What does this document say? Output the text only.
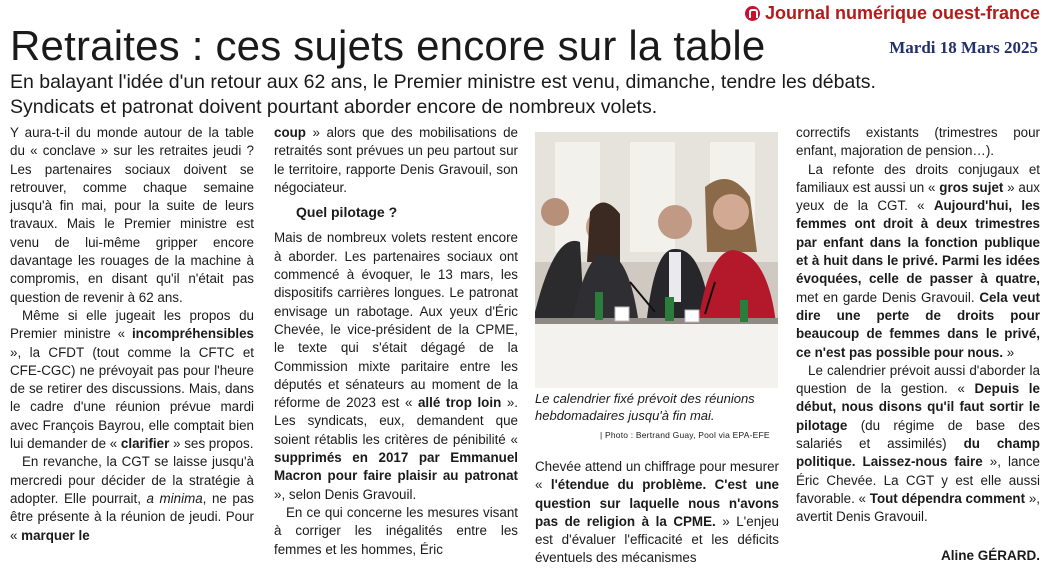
Journal numérique ouest-france
Mardi 18 Mars 2025
Retraites : ces sujets encore sur la table

En balayant l'idée d'un retour aux 62 ans, le Premier ministre est venu, dimanche, tendre les débats.

Syndicats et patronat doivent pourtant aborder encore de nombreux volets.

Y aura-t-il du monde autour de la table du « conclave » sur les retraites jeudi ? Les partenaires sociaux doivent se retrouver, comme chaque semaine jusqu'à fin mai, pour la suite de leurs travaux. Mais le Premier ministre est venu de lui-même gripper encore davantage les rouages de la machine à compromis, en disant qu'il n'était pas question de revenir à 62 ans.

Même si elle jugeait les propos du Premier ministre « incompréhensibles », la CFDT (tout comme la CFTC et CFE-CGC) ne prévoyait pas pour l'heure de se retirer des discussions. Mais, dans le cadre d'une réunion prévue mardi avec François Bayrou, elle comptait bien lui demander de « clarifier » ses propos.

En revanche, la CGT se laisse jusqu'à mercredi pour décider de la stratégie à adopter. Elle pourrait, a minima, ne pas être présente à la réunion de jeudi. Pour « marquer le

coup » alors que des mobilisations de retraités sont prévues un peu partout sur le territoire, rapporte Denis Gravouil, son négociateur.

Quel pilotage ?

Mais de nombreux volets restent encore à aborder. Les partenaires sociaux ont commencé à évoquer, le 13 mars, les dispositifs carrières longues. Le patronat envisage un rabotage. Aux yeux d'Éric Chevée, le vice-président de la CPME, le texte qui s'était dégagé de la Commission mixte paritaire entre les députés et sénateurs au moment de la réforme de 2023 est « allé trop loin ». Les syndicats, eux, demandent que soient rétablis les critères de pénibilité « supprimés en 2017 par Emmanuel Macron pour faire plaisir au patronat », selon Denis Gravouil.

En ce qui concerne les mesures visant à corriger les inégalités entre les femmes et les hommes, Éric

Le calendrier fixé prévoit des réunions hebdomadaires jusqu'à fin mai.
| Photo : Bertrand Guay, Pool via EPA-EFE

Chevée attend un chiffrage pour mesurer « l'étendue du problème. C'est une question sur laquelle nous n'avons pas de religion à la CPME. » L'enjeu est d'évaluer l'efficacité et les déficits éventuels des mécanismes

correctifs existants (trimestres pour enfant, majoration de pension…).

La refonte des droits conjugaux et familiaux est aussi un « gros sujet » aux yeux de la CGT. « Aujourd'hui, les femmes ont droit à deux trimestres par enfant dans la fonction publique et à huit dans le privé. Parmi les idées évoquées, celle de passer à quatre, met en garde Denis Gravouil. Cela veut dire une perte de droits pour beaucoup de femmes dans le privé, ce n'est pas possible pour nous. »

Le calendrier prévoit aussi d'aborder la question de la gestion. « Depuis le début, nous disons qu'il faut sortir le pilotage (du régime de base des salariés et assimilés) du champ politique. Laissez-nous faire », lance Éric Chevée. La CGT y est elle aussi favorable. « Tout dépendra comment », avertit Denis Gravouil.

Aline GÉRARD.
